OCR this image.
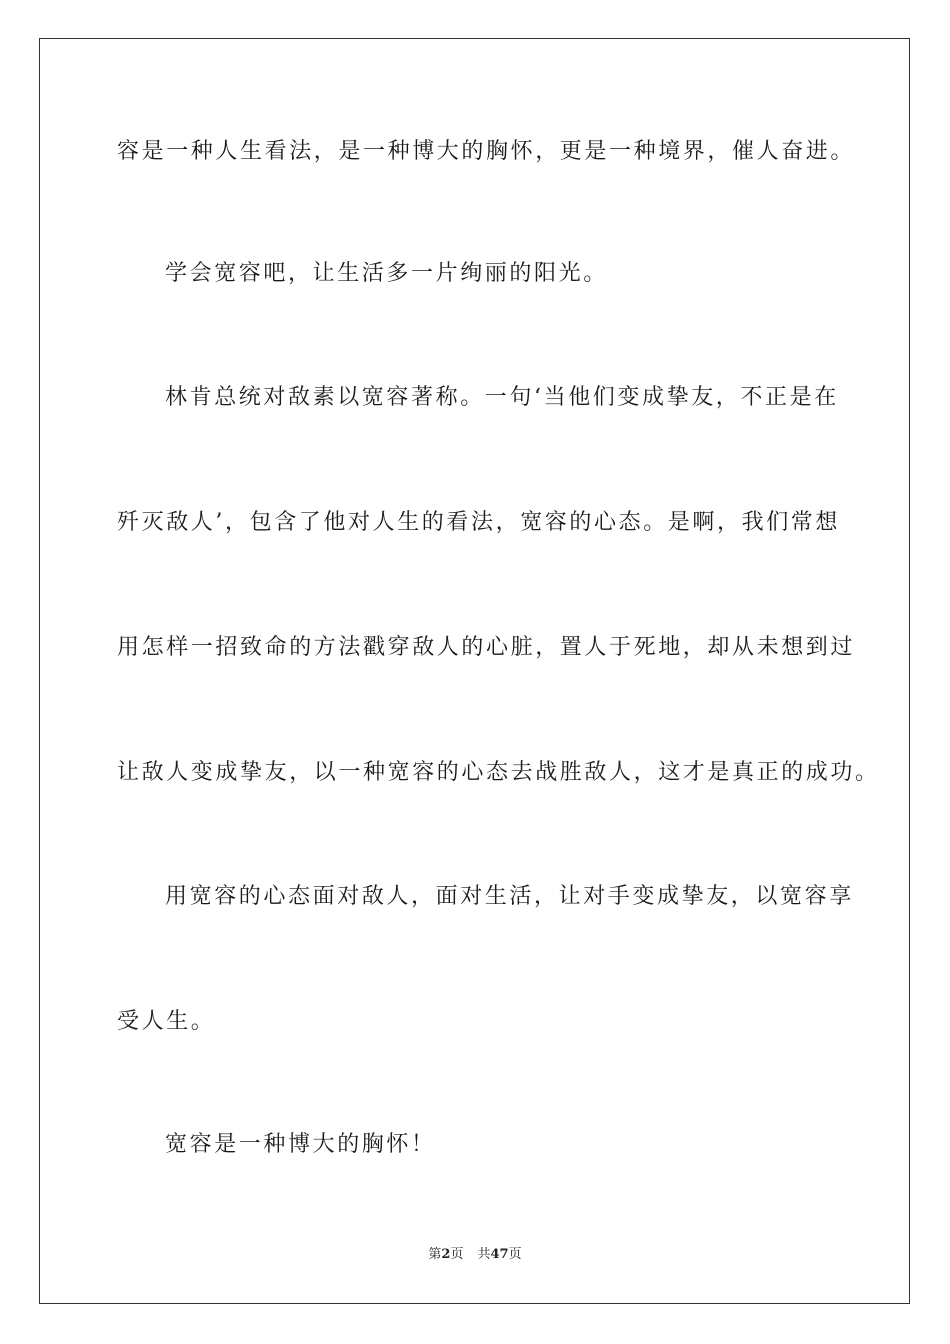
容是一种人生看法，是一种博大的胸怀，更是一种境界，催人奋进。

学会宽容吧，让生活多一片绚丽的阳光。

林肯总统对敌素以宽容著称。一句‘当他们变成挚友，不正是在

歼灭敌人’，包含了他对人生的看法，宽容的心态。是啊，我们常想

用怎样一招致命的方法戳穿敌人的心脏，置人于死地，却从未想到过

让敌人变成挚友，以一种宽容的心态去战胜敌人，这才是真正的成功。

用宽容的心态面对敌人，面对生活，让对手变成挚友，以宽容享

受人生。

宽容是一种博大的胸怀！

第2页 共47页
